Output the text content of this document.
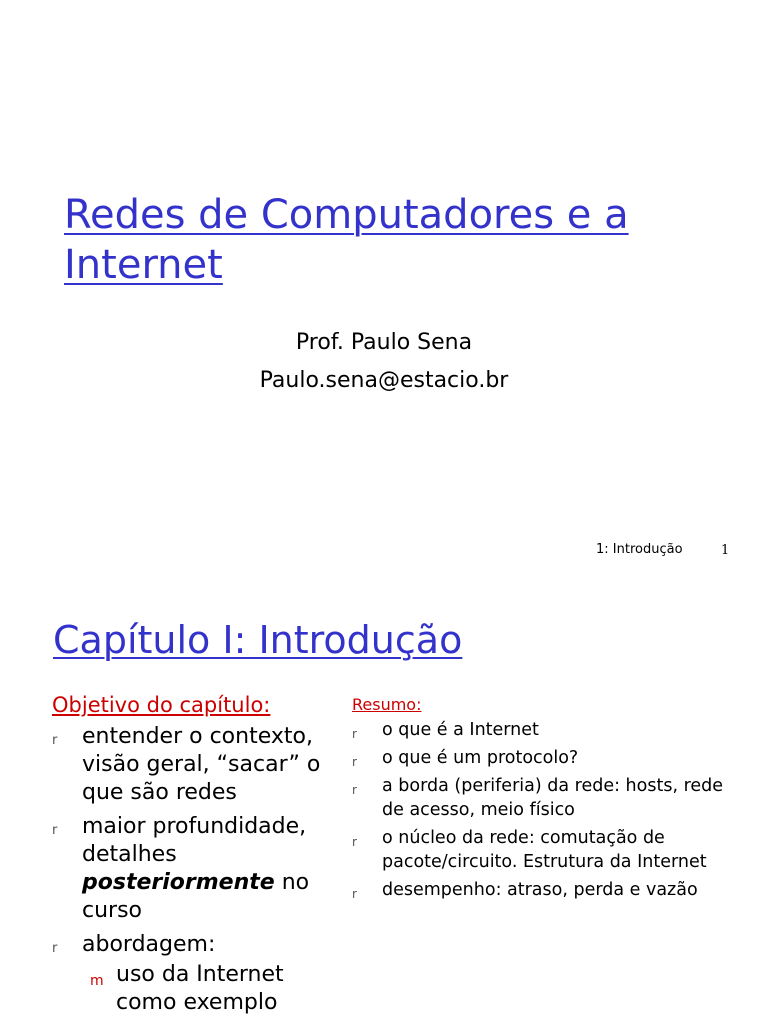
Redes de Computadores e a Internet
Prof. Paulo Sena
Paulo.sena@estacio.br
1: Introdução	1
Capítulo I: Introdução
Objetivo do capítulo:
r entender o contexto, visão geral, “sacar” o que são redes
r maior profundidade, detalhes posteriormente no curso
r abordagem:
m uso da Internet como exemplo
Resumo:
r o que é a Internet
r o que é um protocolo?
r a borda (periferia) da rede: hosts, rede de acesso, meio físico
r o núcleo da rede: comutação de pacote/circuito. Estrutura da Internet
r desempenho: atraso, perda e vazão
